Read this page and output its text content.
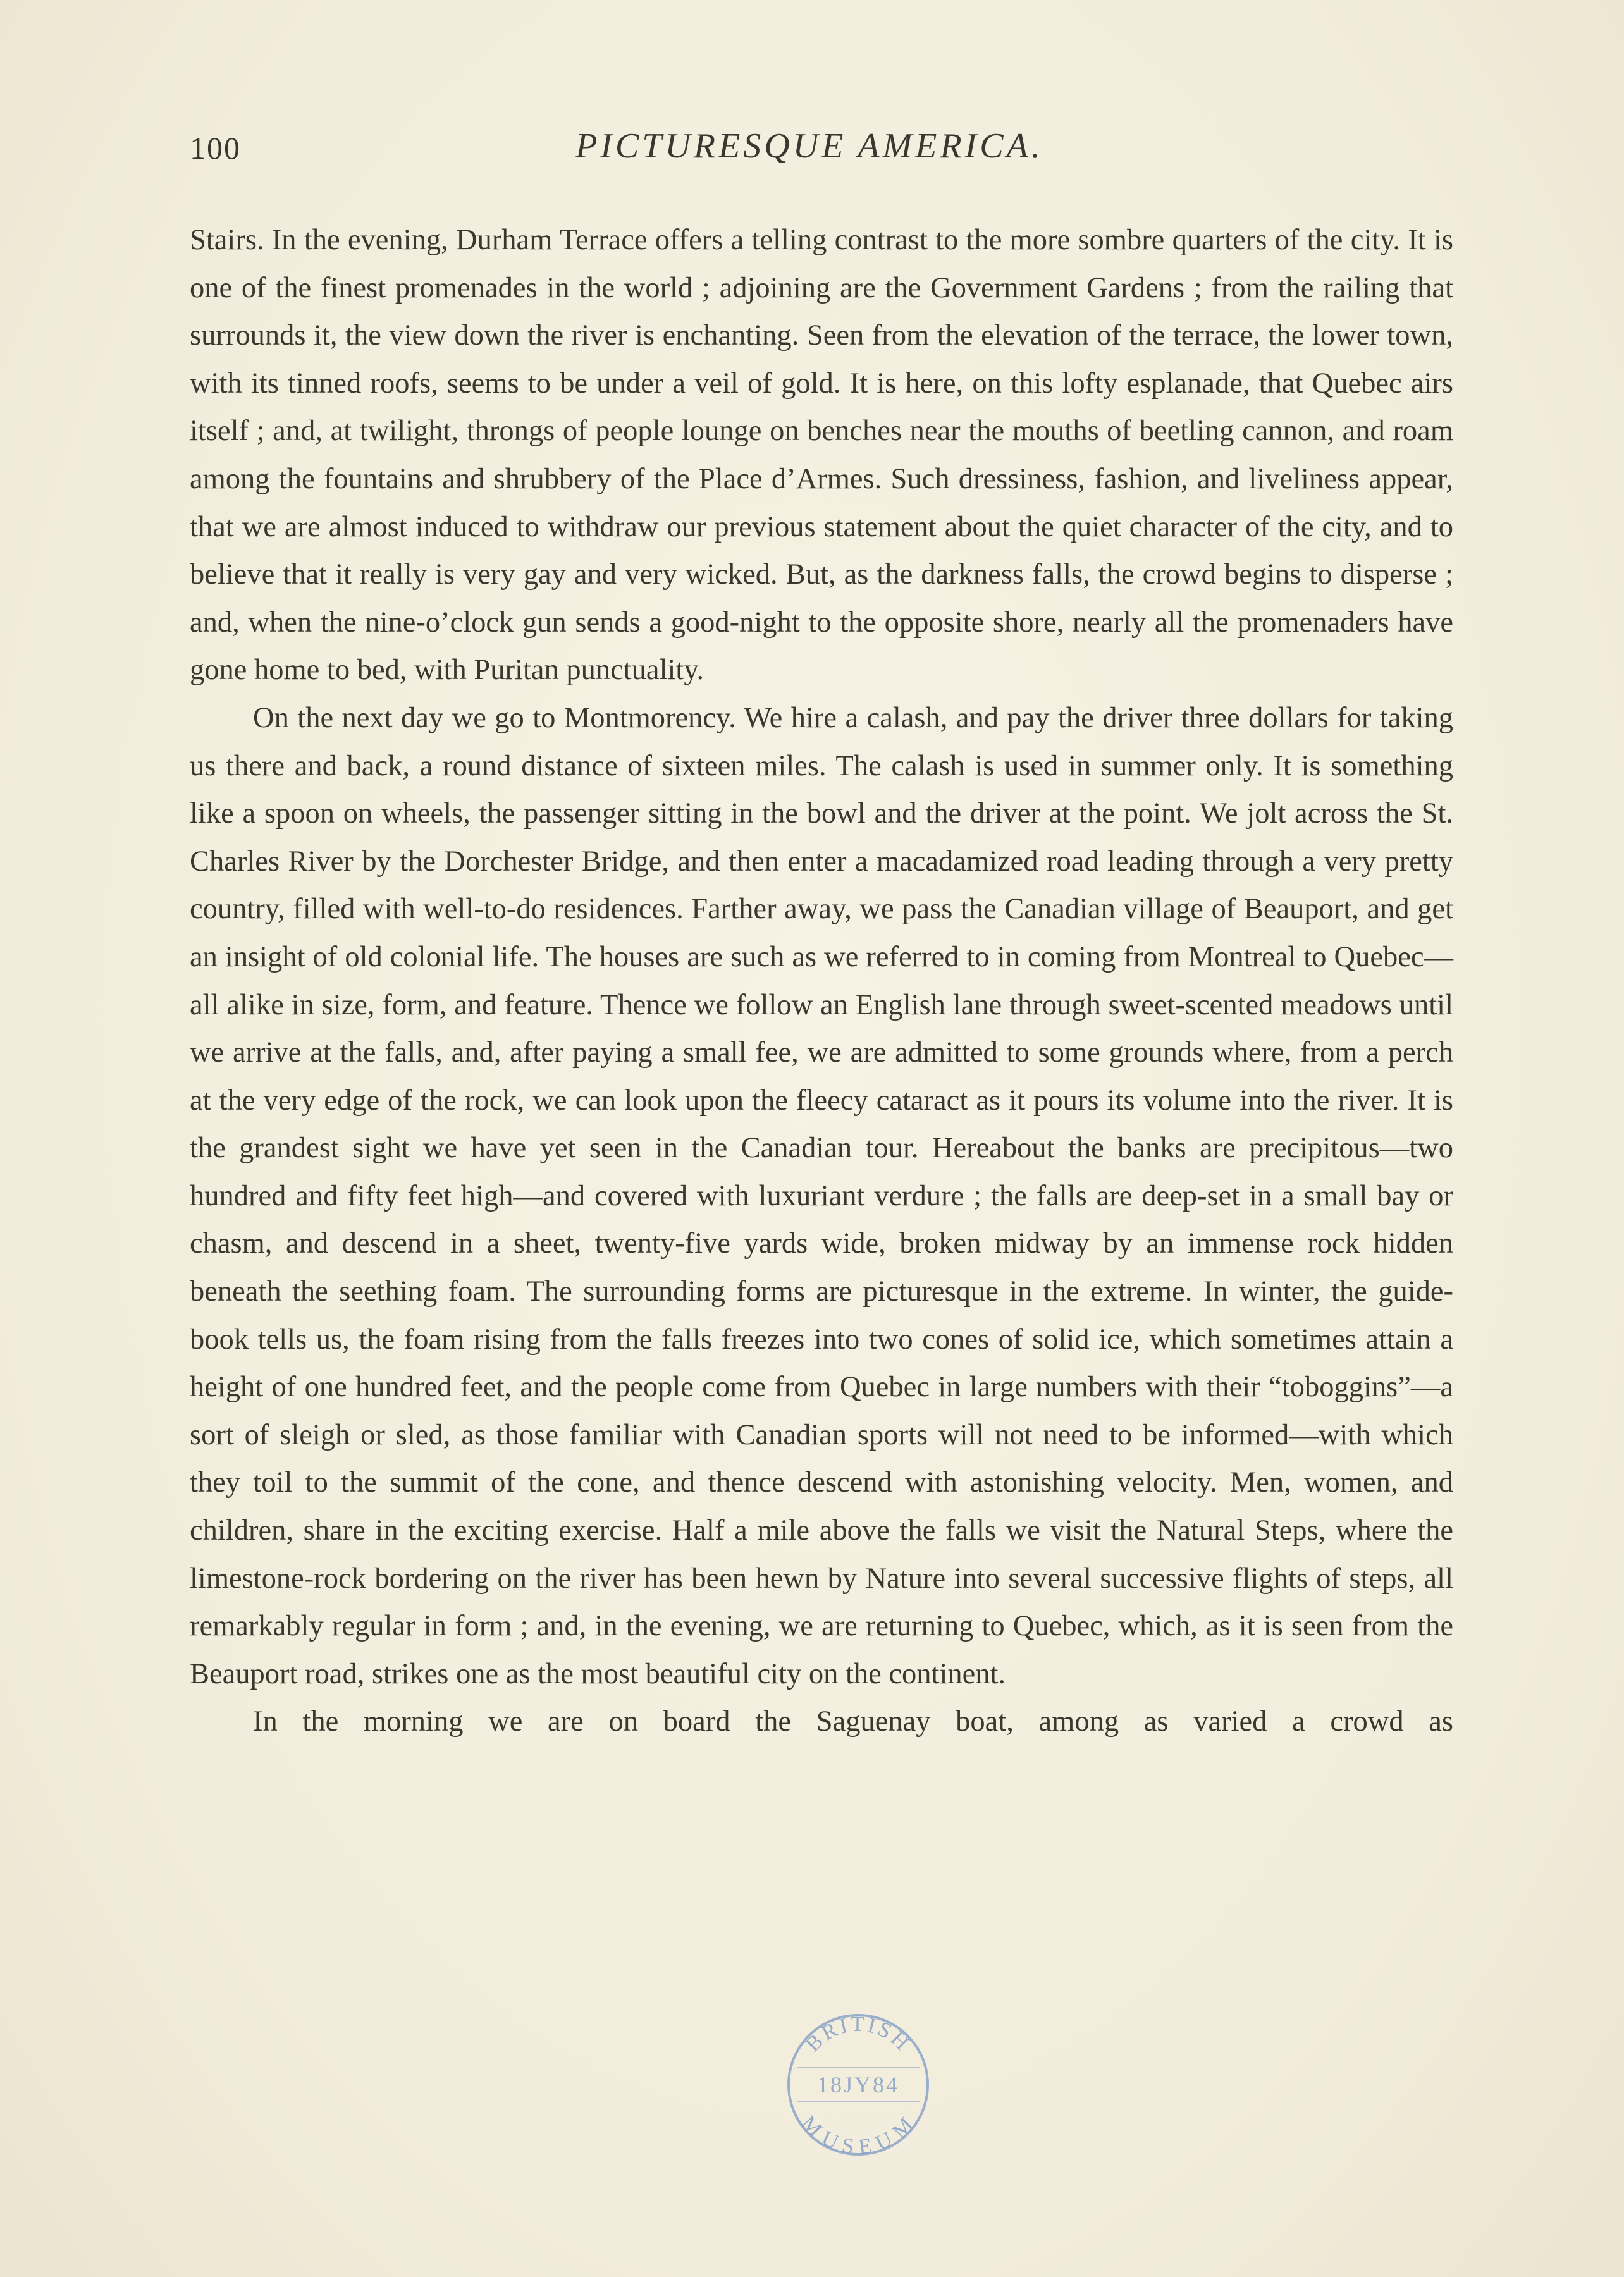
100	PICTURESQUE AMERICA.

Stairs. In the evening, Durham Terrace offers a telling contrast to the more sombre quarters of the city. It is one of the finest promenades in the world ; adjoining are the Government Gardens ; from the railing that surrounds it, the view down the river is enchanting. Seen from the elevation of the terrace, the lower town, with its tinned roofs, seems to be under a veil of gold. It is here, on this lofty esplanade, that Quebec airs itself ; and, at twilight, throngs of people lounge on benches near the mouths of beetling cannon, and roam among the fountains and shrubbery of the Place d’Armes. Such dressiness, fashion, and liveliness appear, that we are almost induced to withdraw our previous statement about the quiet character of the city, and to believe that it really is very gay and very wicked. But, as the darkness falls, the crowd begins to disperse ; and, when the nine-o’clock gun sends a good-night to the opposite shore, nearly all the promenaders have gone home to bed, with Puritan punctuality.

On the next day we go to Montmorency. We hire a calash, and pay the driver three dollars for taking us there and back, a round distance of sixteen miles. The calash is used in summer only. It is something like a spoon on wheels, the passenger sitting in the bowl and the driver at the point. We jolt across the St. Charles River by the Dorchester Bridge, and then enter a macadamized road leading through a very pretty country, filled with well-to-do residences. Farther away, we pass the Canadian village of Beauport, and get an insight of old colonial life. The houses are such as we referred to in coming from Montreal to Quebec—all alike in size, form, and feature. Thence we follow an English lane through sweet-scented meadows until we arrive at the falls, and, after paying a small fee, we are admitted to some grounds where, from a perch at the very edge of the rock, we can look upon the fleecy cataract as it pours its volume into the river. It is the grandest sight we have yet seen in the Canadian tour. Hereabout the banks are precipitous—two hundred and fifty feet high—and covered with luxuriant verdure ; the falls are deep-set in a small bay or chasm, and descend in a sheet, twenty-five yards wide, broken midway by an immense rock hidden beneath the seething foam. The surrounding forms are picturesque in the extreme. In winter, the guide-book tells us, the foam rising from the falls freezes into two cones of solid ice, which sometimes attain a height of one hundred feet, and the people come from Quebec in large numbers with their “toboggins”—a sort of sleigh or sled, as those familiar with Canadian sports will not need to be informed—with which they toil to the summit of the cone, and thence descend with astonishing velocity. Men, women, and children, share in the exciting exercise. Half a mile above the falls we visit the Natural Steps, where the limestone-rock bordering on the river has been hewn by Nature into several successive flights of steps, all remarkably regular in form ; and, in the evening, we are returning to Quebec, which, as it is seen from the Beauport road, strikes one as the most beautiful city on the continent.

In the morning we are on board the Saguenay boat, among as varied a crowd as

BRITISH
18JY84
MUSEUM
